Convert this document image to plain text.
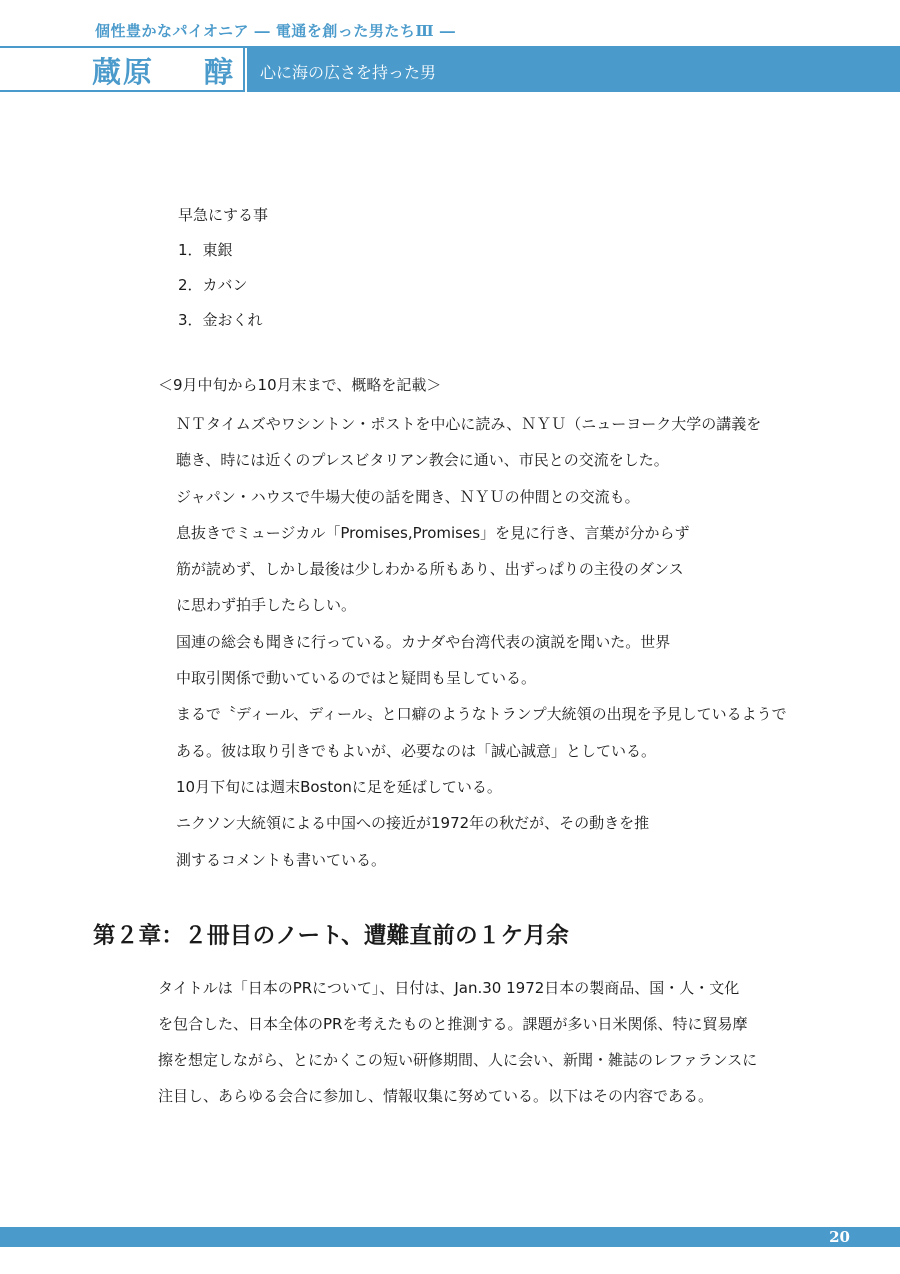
個性豊かなパイオニア ― 電通を創った男たちⅢ ―
蔵原 醇 心に海の広さを持った男
早急にする事
1．東銀
2．カバン
3．金おくれ
＜9月中旬から10月末まで、概略を記載＞
ＮＴタイムズやワシントン・ポストを中心に読み、ＮＹＵ（ニューヨーク大学の講義を
聴き、時には近くのプレスビタリアン教会に通い、市民との交流をした。
ジャパン・ハウスで牛場大使の話を聞き、ＮＹＵの仲間との交流も。
息抜きでミュージカル「Promises,Promises」を見に行き、言葉が分からず
筋が読めず、しかし最後は少しわかる所もあり、出ずっぱりの主役のダンス
に思わず拍手したらしい。
国連の総会も聞きに行っている。カナダや台湾代表の演説を聞いた。世界
中取引関係で動いているのではと疑問も呈している。
まるで〝ディール、ディール〟と口癖のようなトランプ大統領の出現を予見しているようで
ある。彼は取り引きでもよいが、必要なのは「誠心誠意」としている。
10月下旬には週末Bostonに足を延ばしている。
ニクソン大統領による中国への接近が1972年の秋だが、その動きを推
測するコメントも書いている。
第２章：２冊目のノート、遭難直前の１ケ月余
タイトルは「日本のPRについて」、日付は、Jan.30 1972日本の製商品、国・人・文化
を包合した、日本全体のPRを考えたものと推測する。課題が多い日米関係、特に貿易摩
擦を想定しながら、とにかくこの短い研修期間、人に会い、新聞・雑誌のレファランスに
注目し、あらゆる会合に参加し、情報収集に努めている。以下はその内容である。
20
